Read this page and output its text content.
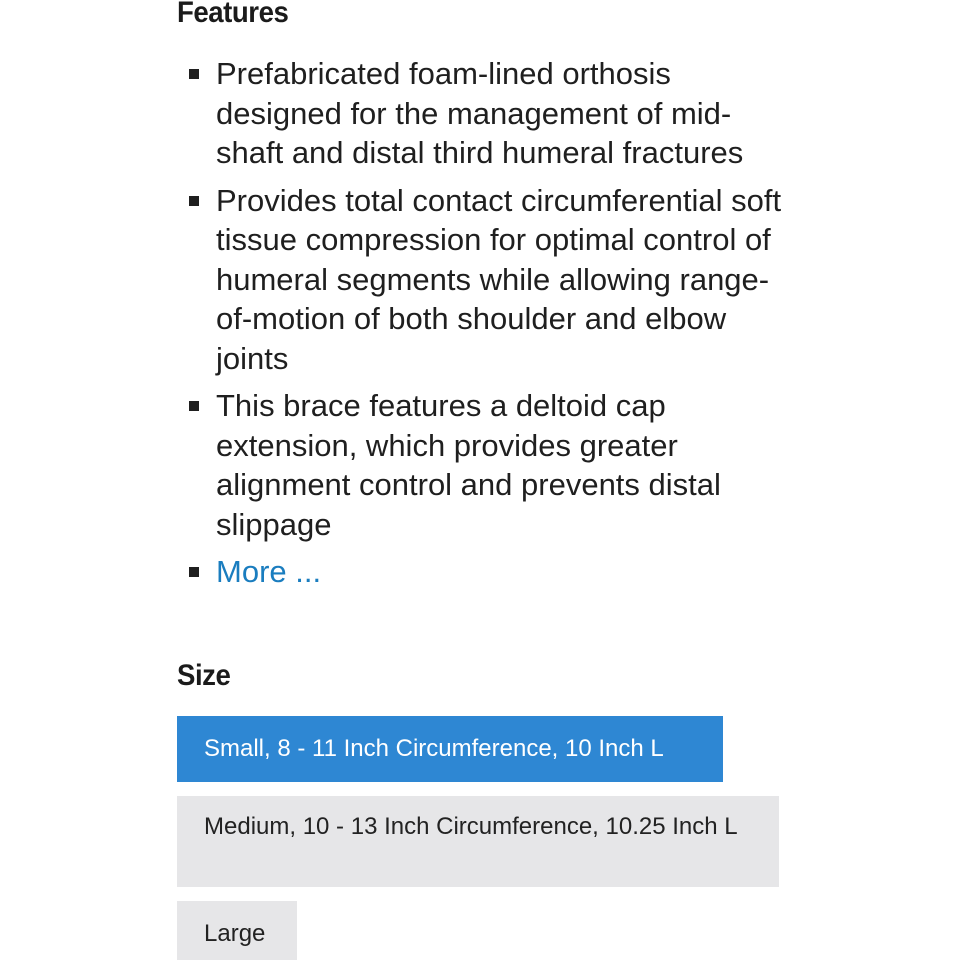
Features
Prefabricated foam-lined orthosis designed for the management of mid-shaft and distal third humeral fractures
Provides total contact circumferential soft tissue compression for optimal control of humeral segments while allowing range-of-motion of both shoulder and elbow joints
This brace features a deltoid cap extension, which provides greater alignment control and prevents distal slippage
More ...
Size
Small, 8 - 11 Inch Circumference, 10 Inch L
Medium, 10 - 13 Inch Circumference, 10.25 Inch L
Large
